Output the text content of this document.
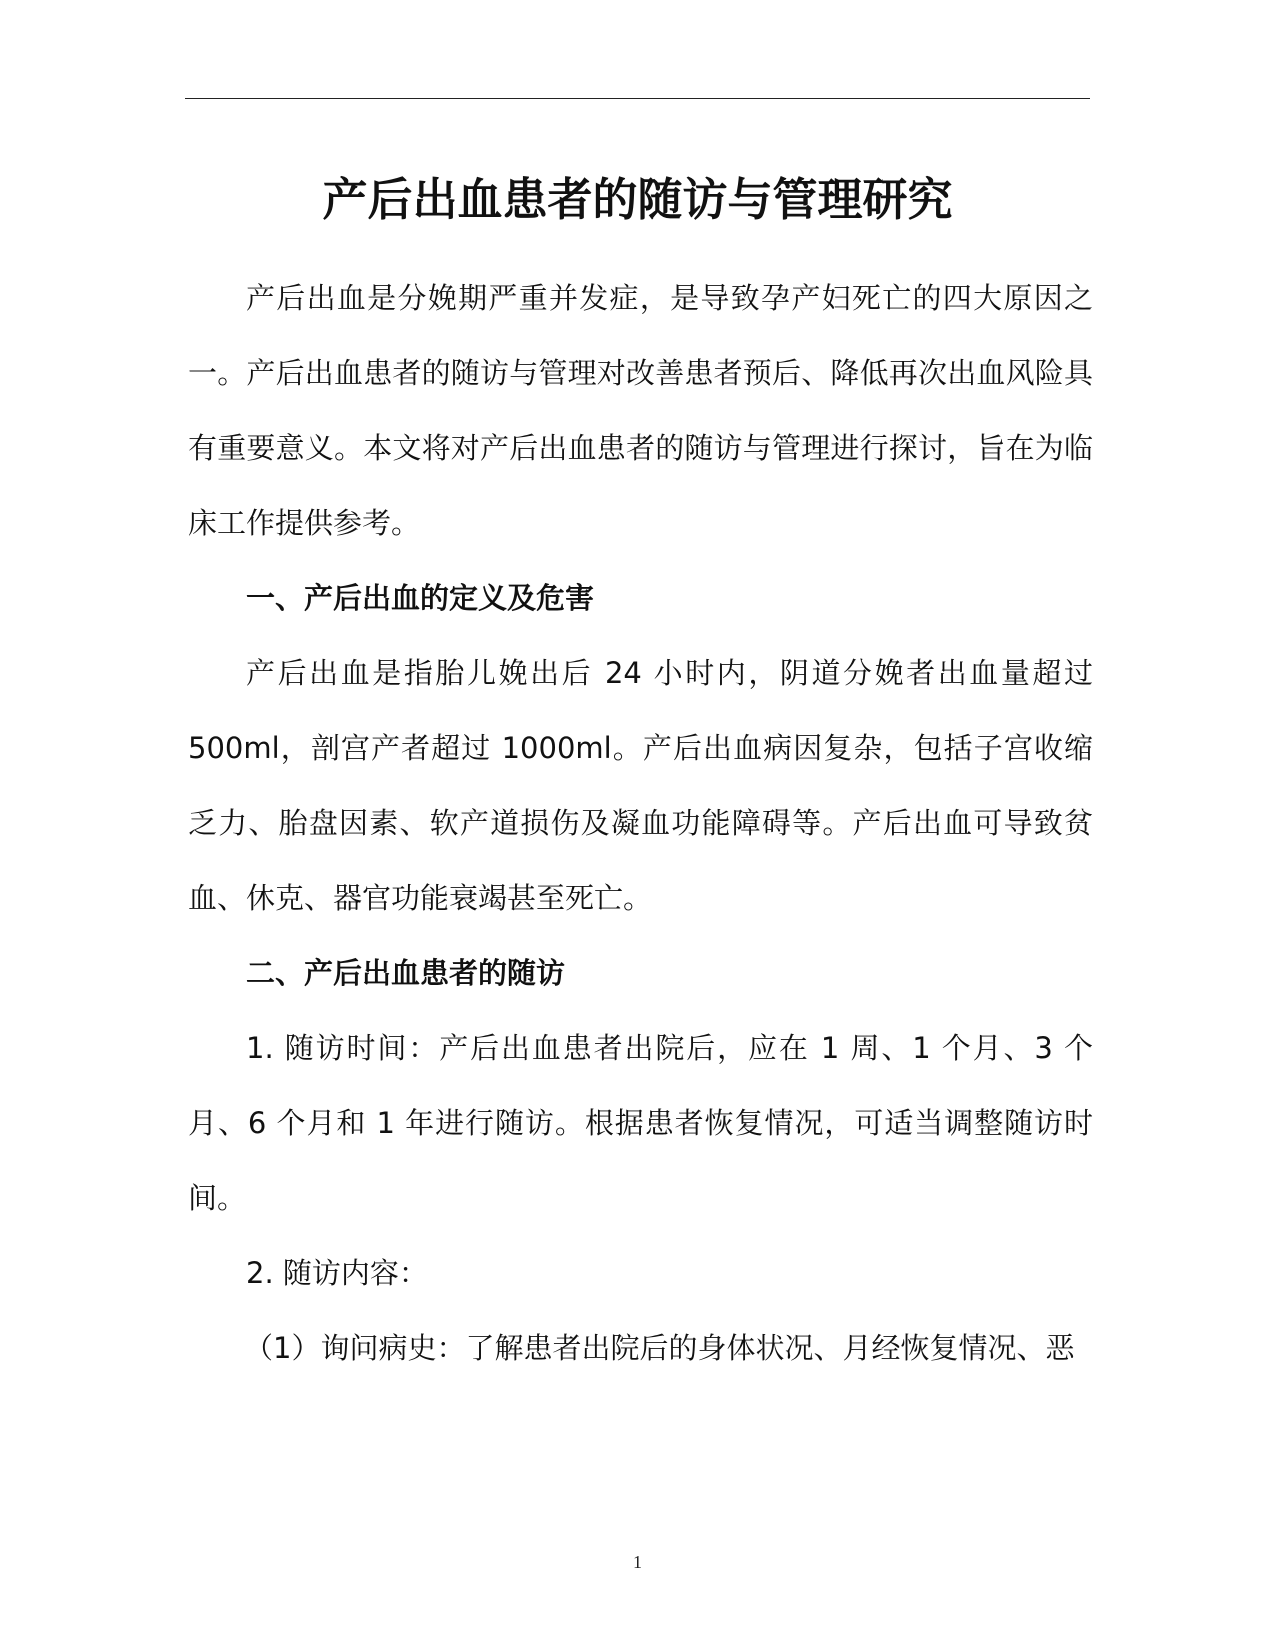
产后出血患者的随访与管理研究

产后出血是分娩期严重并发症，是导致孕产妇死亡的四大原因之一。产后出血患者的随访与管理对改善患者预后、降低再次出血风险具有重要意义。本文将对产后出血患者的随访与管理进行探讨，旨在为临床工作提供参考。

一、产后出血的定义及危害

产后出血是指胎儿娩出后 24 小时内，阴道分娩者出血量超过 500ml，剖宫产者超过 1000ml。产后出血病因复杂，包括子宫收缩乏力、胎盘因素、软产道损伤及凝血功能障碍等。产后出血可导致贫血、休克、器官功能衰竭甚至死亡。

二、产后出血患者的随访

1. 随访时间：产后出血患者出院后，应在 1 周、1 个月、3 个月、6 个月和 1 年进行随访。根据患者恢复情况，可适当调整随访时间。

2. 随访内容：

（1）询问病史：了解患者出院后的身体状况、月经恢复情况、恶

1
